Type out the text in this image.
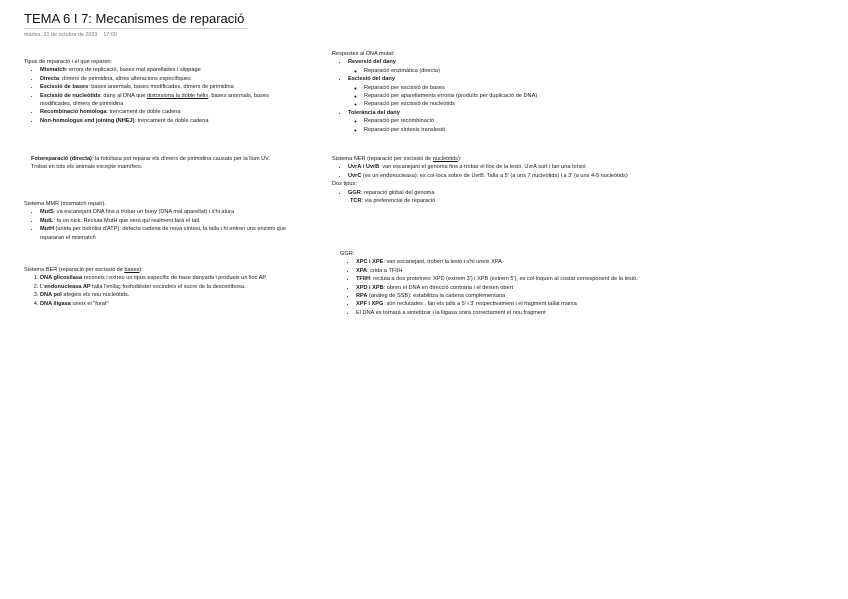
TEMA 6 I 7: Mecanismes de reparació
martes, 31 de octubre de 2023 17:00
Tipus de reparació i el que reparen:
• Mismatch: errors de replicació, bases mal aparellades i slippage
• Directa: dímers de pirimidina, altres alteracions específiques
• Escissió de bases: bases anormals, bases modificades, dímers de pirimidina
• Escissió de nucleòtids: dany al DNA que distorsiona la doble hèlix, bases anormals, bases modificades, dímers de pirimidina
• Recombinació homologa: trencament de doble cadena
• Non-homologus end joining (NHEJ): trencament de doble cadena
Fotoreparació (directa): la fotoliasa pot reparar els dímers de pirimidina causats per la llum UV. Trobat en tots els animals excepte mamífers.
Sistema MMR (mismatch repair).
• MutS: va escanejant DNA fins a trobar un bony (DNA mal aparellat) i s'hi atura
• MutL: fa un nick. Recluta MutH que serà qui realment farà el tall.
• MutH (unida per hidròlisi d'ATP): detecta cadena de nova síntesi, la talla i hi entren uns enzims que repararan el mismatch
Sistema BER (reparació per escissió de bases):
1. DNA glicosilasa reconeix i extreu un tipus específic de base danyada i produeix un lloc AP.
2. L'endonucleasa AP talla l'enllaç fosfodièster escindeix el sucre de la desoxiribosa.
3. DNA pol afegeix els nou nucleòtids.
4. DNA lligasa uneix el "forat"
Respostes al DNA mutat:
• Reversió del dany
◦ Reparació enzimàtica (directa)
• Escissió del dany
◦ Reparació per escissió de bases
◦ Reparació per aparellaments erronis (produïts per duplicació de DNA)
◦ Reparació per escissió de nucleòtids
• Tolerància del dany
◦ Reparació per recombinació
◦ Reparació per síntesis translesió
Sistema NER (reparació per escissió de nucleòtids):
• UvrA i UvrB: van escanejant el genoma fins a trobar el lloc de la lesió. UvrA surt i fan una torsió
• UvrC (és un endonucleasa): es col·loca sobre de UvrB. Talla a 5' (a uns 7 nucleòtids) i a 3' (a uns 4-5 nucleòtids)
Dos tipus:
• GGR: reparació global del genoma
TCR: via preferencial de reparació
GGR:
• XPC i XPE: van escanejant, troben la lesió i s'hi uneix XPA
• XPA: crida a TFIIH
• TFIIH: recluta a dos proteïnes: XPD (extrem 3') i XPB (extrem 5'), es col·loquen al costat corresponent de la lesió.
• XPD i XPB: obren el DNA en direcció contraria i el deixen obert
• RPA (anàleg de SSB): estabilitza la cadena complementaria
• XPF i XPG: són reclutades , fan els talls a 5' i 3' respectivament i el fragment tallat marxa
• El DNA es tornarà a sintetitzar i la lligasa unirà correctament el nou fragment
